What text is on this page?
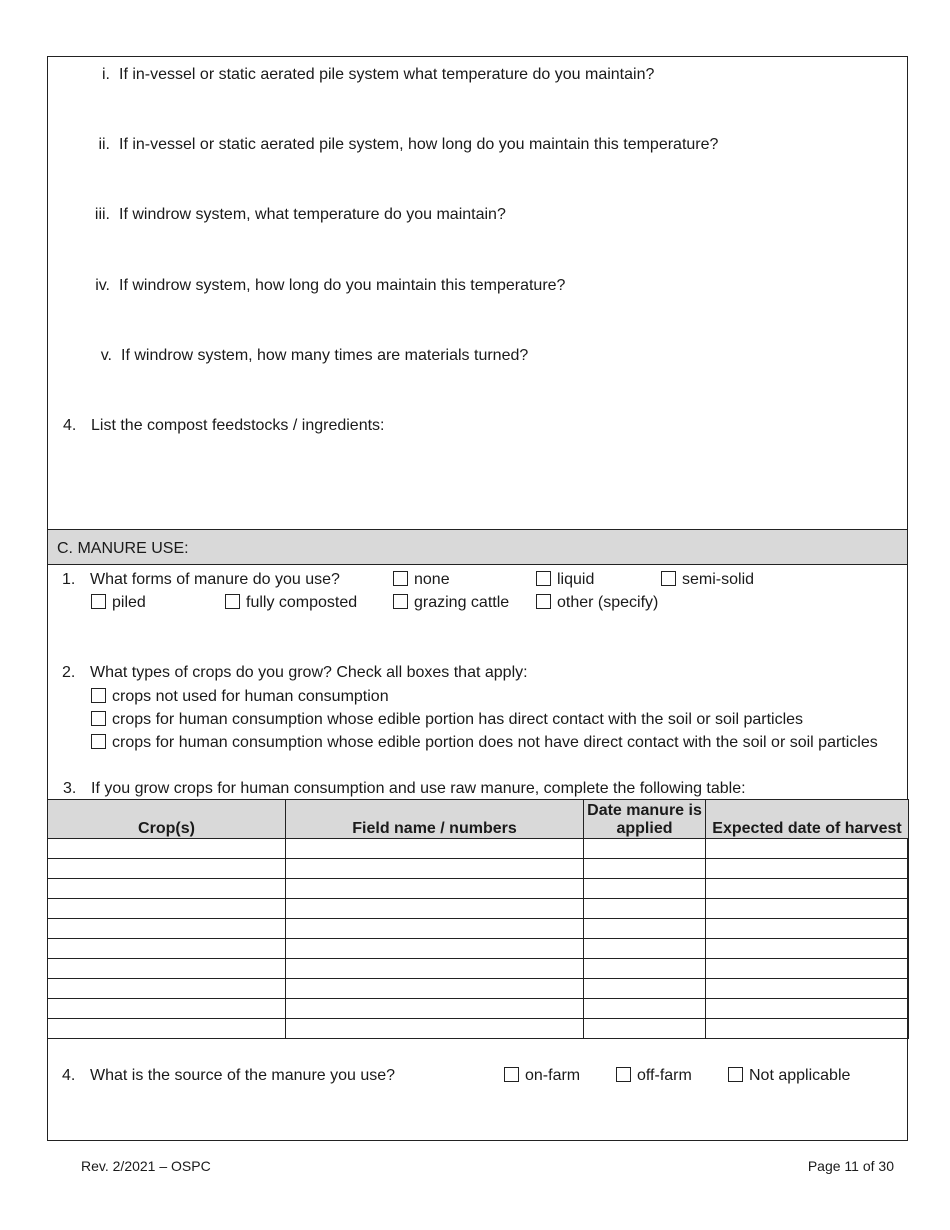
i. If in-vessel or static aerated pile system what temperature do you maintain?
ii. If in-vessel or static aerated pile system, how long do you maintain this temperature?
iii. If windrow system, what temperature do you maintain?
iv. If windrow system, how long do you maintain this temperature?
v. If windrow system, how many times are materials turned?
4. List the compost feedstocks / ingredients:
C. MANURE USE:
1. What forms of manure do you use?	none	liquid	semi-solid
piled	fully composted	grazing cattle	other (specify)
2. What types of crops do you grow? Check all boxes that apply:
crops not used for human consumption
crops for human consumption whose edible portion has direct contact with the soil or soil particles
crops for human consumption whose edible portion does not have direct contact with the soil or soil particles
3. If you grow crops for human consumption and use raw manure, complete the following table:
Crop(s)	Field name / numbers	Date manure is applied	Expected date of harvest

4. What is the source of the manure you use?	on-farm	off-farm	Not applicable
Rev. 2/2021 – OSPC	Page 11 of 30
